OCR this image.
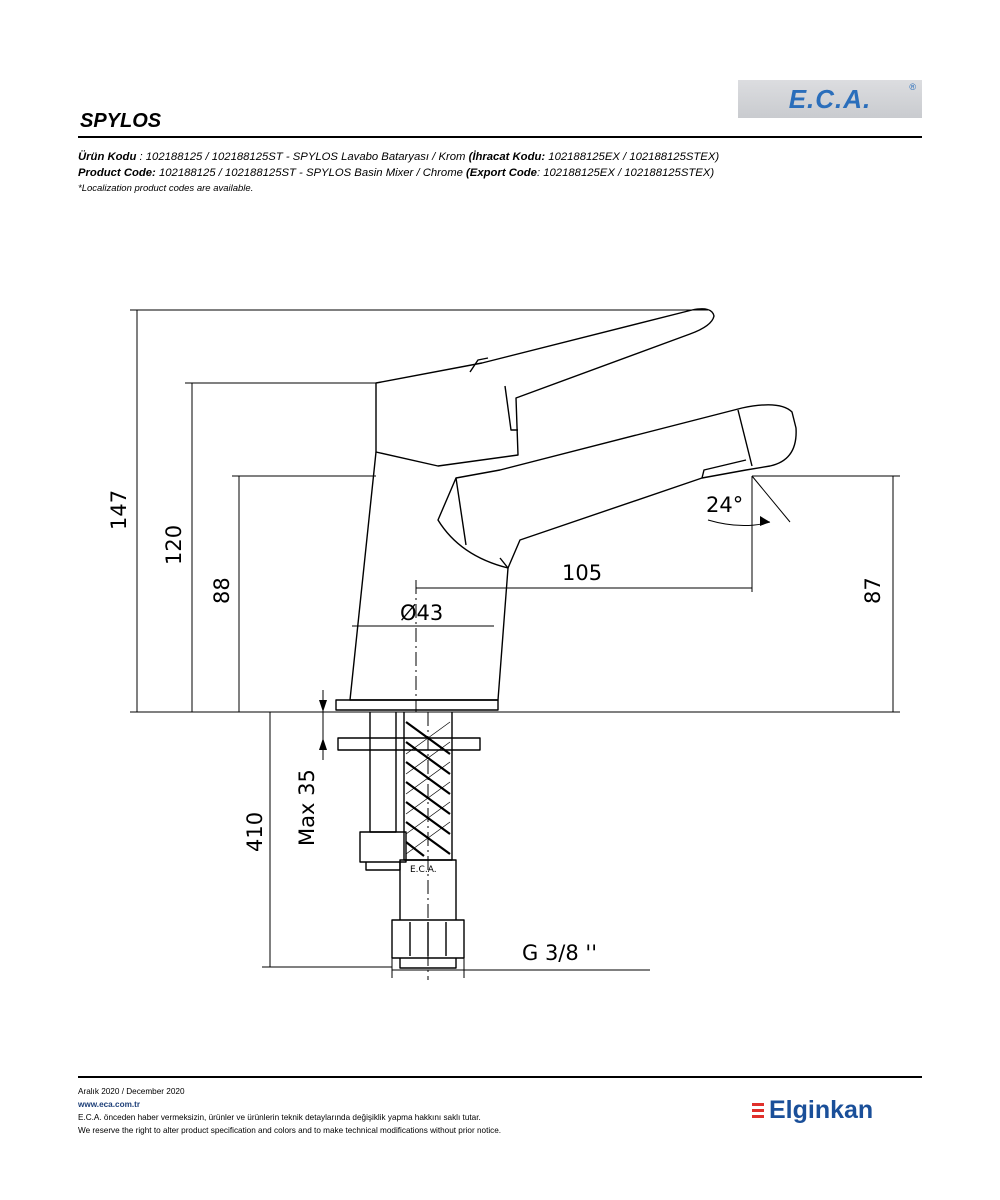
E.C.A.	®
SPYLOS
Ürün Kodu : 102188125 / 102188125ST - SPYLOS Lavabo Bataryası / Krom (İhracat Kodu: 102188125EX / 102188125STEX)
Product Code: 102188125 / 102188125ST - SPYLOS Basin Mixer / Chrome (Export Code: 102188125EX / 102188125STEX)
*Localization product codes are available.
E.C.A.
147
120
88	87
105
Ø43
24°
410 Max 35
G 3/8 ''
Aralık 2020 / December 2020
www.eca.com.tr
E.C.A. önceden haber vermeksizin, ürünler ve ürünlerin teknik detaylarında değişiklik yapma hakkını saklı tutar.
We reserve the right to alter product specification and colors and to make technical modifications without prior notice.
Elginkan
